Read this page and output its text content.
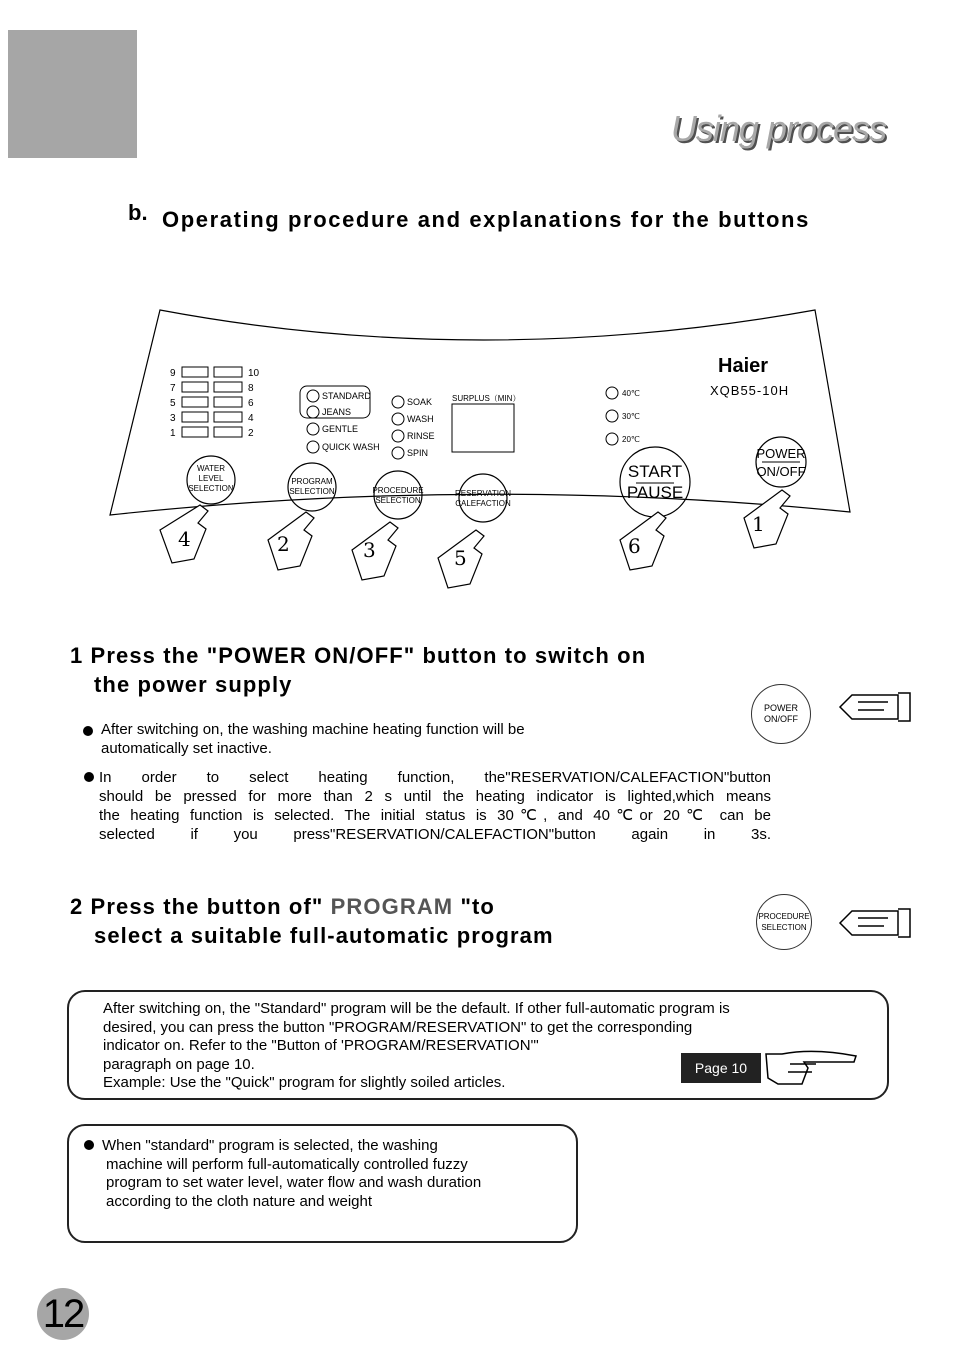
Using process
b. Operating procedure and explanations for the buttons
9
7
5
3
1
10
8
6
4
2
STANDARD
JEANS
GENTLE
QUICK WASH
SOAK
WASH
RINSE
SPIN
SURPLUS（MIN）
40℃
30℃
20℃
Haier
XQB55-10H
WATER
LEVEL
SELECTION
PROGRAM
SELECTION	PROCEDURE
SELECTION
RESERVATION
CALEFACTION
START
PAUSE
POWER
ON/OFF
4	2	3	5	6
1
1 Press the "POWER ON/OFF" button to switch on
the power supply
POWER
ON/OFF
After switching on, the washing machine heating function will be
automatically set inactive.
In order to select heating function, the"RESERVATION/CALEFACTION"button
should be pressed for more than 2 s until the heating indicator is lighted,which means
the heating function is selected. The initial status is 30℃, and 40℃or 20℃ can be
selected if you press"RESERVATION/CALEFACTION"button again in 3s.
2 Press the button of" PROGRAM "to
select a suitable full-automatic program
PROCEDURE
SELECTION
After switching on, the "Standard" program will be the default. If other full-automatic program is
desired, you can press the button "PROGRAM/RESERVATION" to get the corresponding
indicator on. Refer to the "Button of 'PROGRAM/RESERVATION'"
paragraph on page 10.
Example: Use the "Quick" program for slightly soiled articles.
Page 10
When "standard" program is selected, the washing
machine will perform full-automatically controlled fuzzy
program to set water level, water flow and wash duration
according to the cloth nature and weight
12
